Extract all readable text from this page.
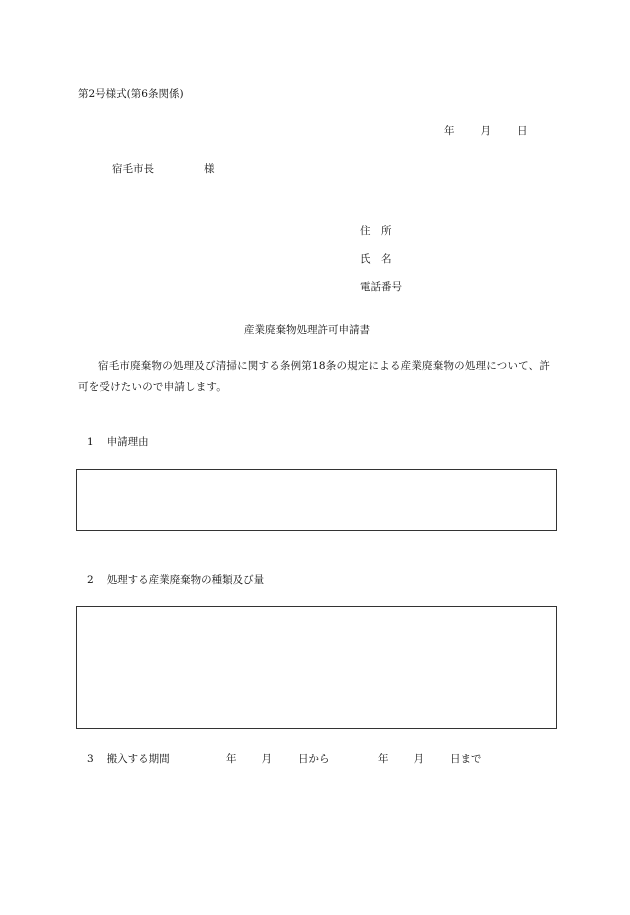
第2号様式(第6条関係)
年 月 日
宿毛市長	様
住　所
氏　名
電話番号
産業廃棄物処理許可申請書

宿毛市廃棄物の処理及び清掃に関する条例第18条の規定による産業廃棄物の処理について、許可を受けたいので申請します。

1 申請理由
2 処理する産業廃棄物の種類及び量
3 搬入する期間	年 月 日から	年 月 日まで
